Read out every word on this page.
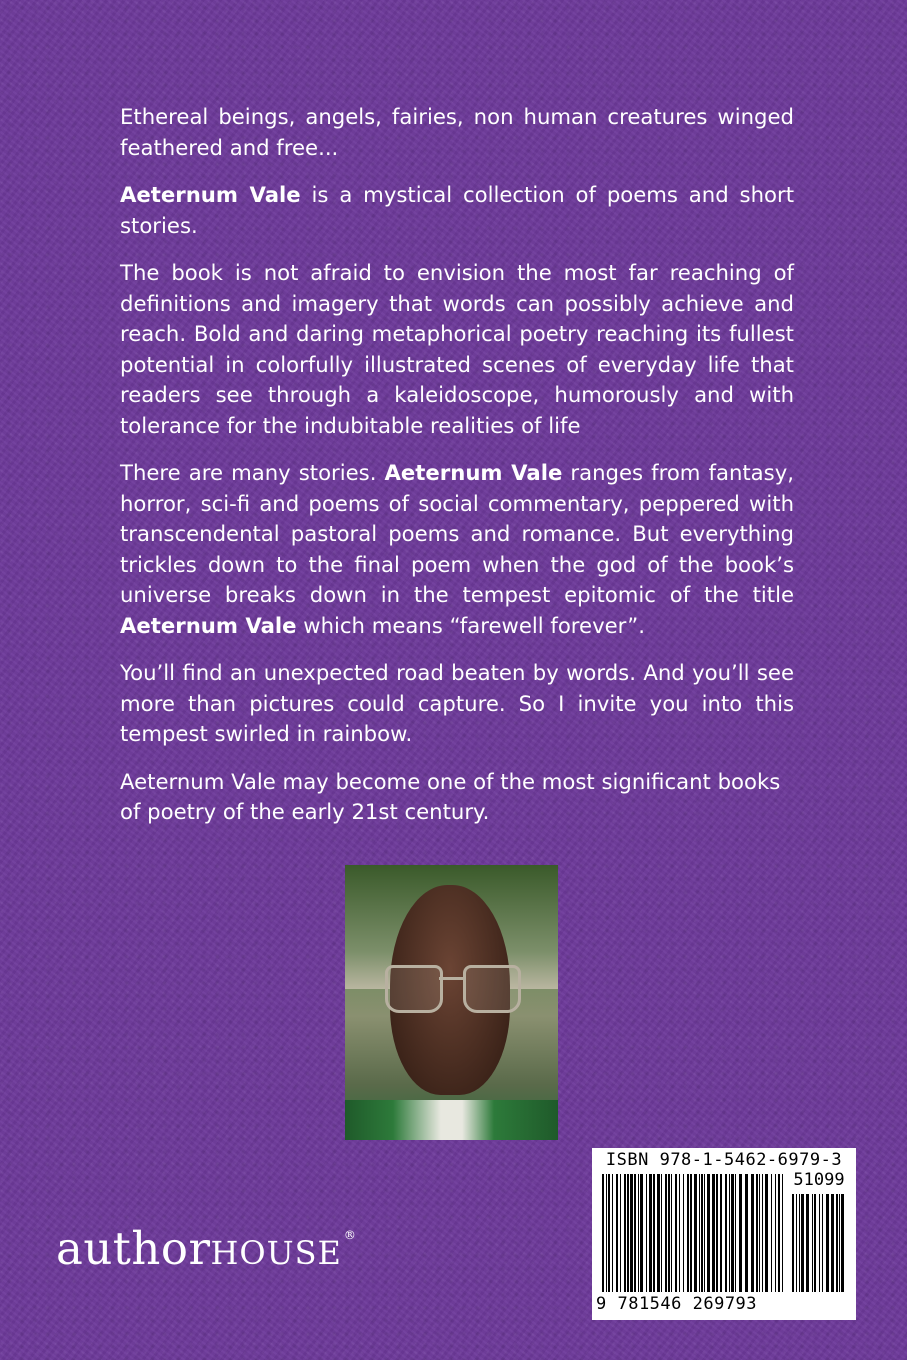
Ethereal beings, angels, fairies, non human creatures winged feathered and free...

Aeternum Vale is a mystical collection of poems and short stories.

The book is not afraid to envision the most far reaching of definitions and imagery that words can possibly achieve and reach. Bold and daring metaphorical poetry reaching its fullest potential in colorfully illustrated scenes of everyday life that readers see through a kaleidoscope, humorously and with tolerance for the indubitable realities of life

There are many stories. Aeternum Vale ranges from fantasy, horror, sci-fi and poems of social commentary, peppered with transcendental pastoral poems and romance. But everything trickles down to the final poem when the god of the book’s universe breaks down in the tempest epitomic of the title Aeternum Vale which means “farewell forever”.

You’ll find an unexpected road beaten by words. And you’ll see more than pictures could capture. So I invite you into this tempest swirled in rainbow.

Aeternum Vale may become one of the most significant books of poetry of the early 21st century.

authorHOUSE ®
ISBN 978-1-5462-6979-3
51099
9 781546 269793
